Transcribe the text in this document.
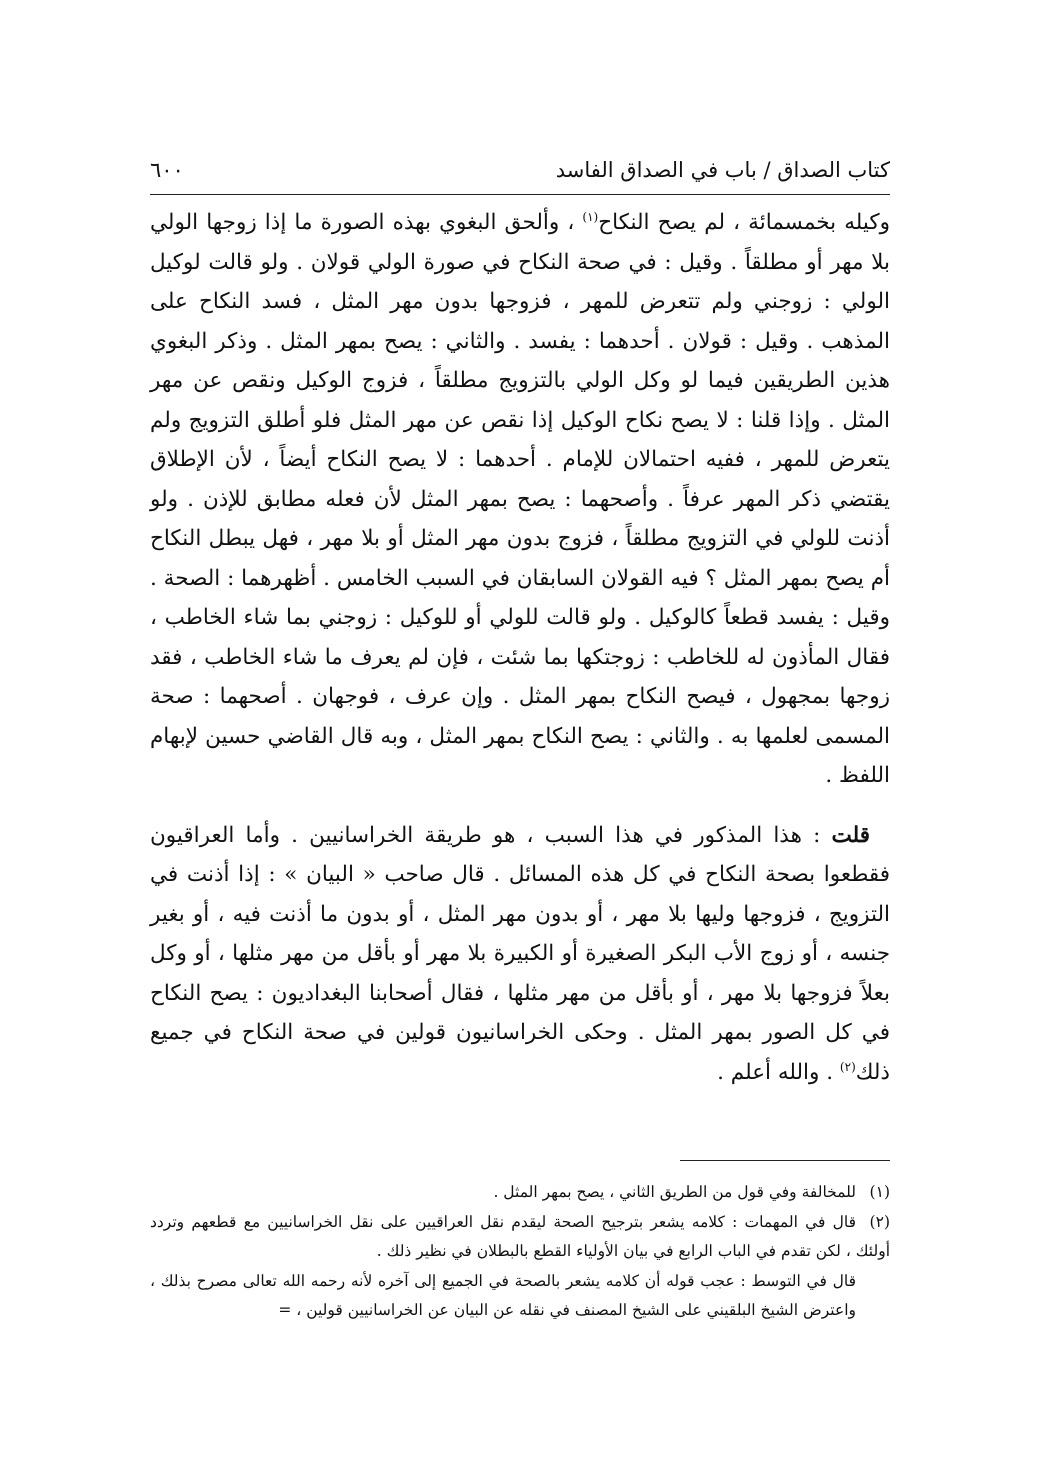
كتاب الصداق / باب في الصداق الفاسد
٦٠٠

وكيله بخمسمائة ، لم يصح النكاح$^{(١)}$ ، وألحق البغوي بهذه الصورة ما إذا زوجها الولي بلا مهر أو مطلقاً . وقيل : في صحة النكاح في صورة الولي قولان . ولو قالت لوكيل الولي : زوجني ولم تتعرض للمهر ، فزوجها بدون مهر المثل ، فسد النكاح على المذهب . وقيل : قولان . أحدهما : يفسد . والثاني : يصح بمهر المثل . وذكر البغوي هذين الطريقين فيما لو وكل الولي بالتزويج مطلقاً ، فزوج الوكيل ونقص عن مهر المثل . وإذا قلنا : لا يصح نكاح الوكيل إذا نقص عن مهر المثل فلو أطلق التزويج ولم يتعرض للمهر ، ففيه احتمالان للإمام . أحدهما : لا يصح النكاح أيضاً ، لأن الإطلاق يقتضي ذكر المهر عرفاً . وأصحهما : يصح بمهر المثل لأن فعله مطابق للإذن . ولو أذنت للولي في التزويج مطلقاً ، فزوج بدون مهر المثل أو بلا مهر ، فهل يبطل النكاح أم يصح بمهر المثل ؟ فيه القولان السابقان في السبب الخامس . أظهرهما : الصحة . وقيل : يفسد قطعاً كالوكيل . ولو قالت للولي أو للوكيل : زوجني بما شاء الخاطب ، فقال المأذون له للخاطب : زوجتكها بما شئت ، فإن لم يعرف ما شاء الخاطب ، فقد زوجها بمجهول ، فيصح النكاح بمهر المثل . وإن عرف ، فوجهان . أصحهما : صحة المسمى لعلمها به . والثاني : يصح النكاح بمهر المثل ، وبه قال القاضي حسين لإبهام اللفظ .

قلت : هذا المذكور في هذا السبب ، هو طريقة الخراسانيين . وأما العراقيون فقطعوا بصحة النكاح في كل هذه المسائل . قال صاحب « البيان » : إذا أذنت في التزويج ، فزوجها وليها بلا مهر ، أو بدون مهر المثل ، أو بدون ما أذنت فيه ، أو بغير جنسه ، أو زوج الأب البكر الصغيرة أو الكبيرة بلا مهر أو بأقل من مهر مثلها ، أو وكل بعلاً فزوجها بلا مهر ، أو بأقل من مهر مثلها ، فقال أصحابنا البغداديون : يصح النكاح في كل الصور بمهر المثل . وحكى الخراسانيون قولين في صحة النكاح في جميع ذلك$^{(٢)}$ . والله أعلم .

(١)للمخالفة وفي قول من الطريق الثاني ، يصح بمهر المثل .

(٢)قال في المهمات : كلامه يشعر بترجيح الصحة ليقدم نقل العراقيين على نقل الخراسانيين مع قطعهم وتردد أولئك ، لكن تقدم في الباب الرابع في بيان الأولياء القطع بالبطلان في نظير ذلك .

قال في التوسط : عجب قوله أن كلامه يشعر بالصحة في الجميع إلى آخره لأنه رحمه الله تعالى مصرح بذلك ، واعترض الشيخ البلقيني على الشيخ المصنف في نقله عن البيان عن الخراسانيين قولين ، =
